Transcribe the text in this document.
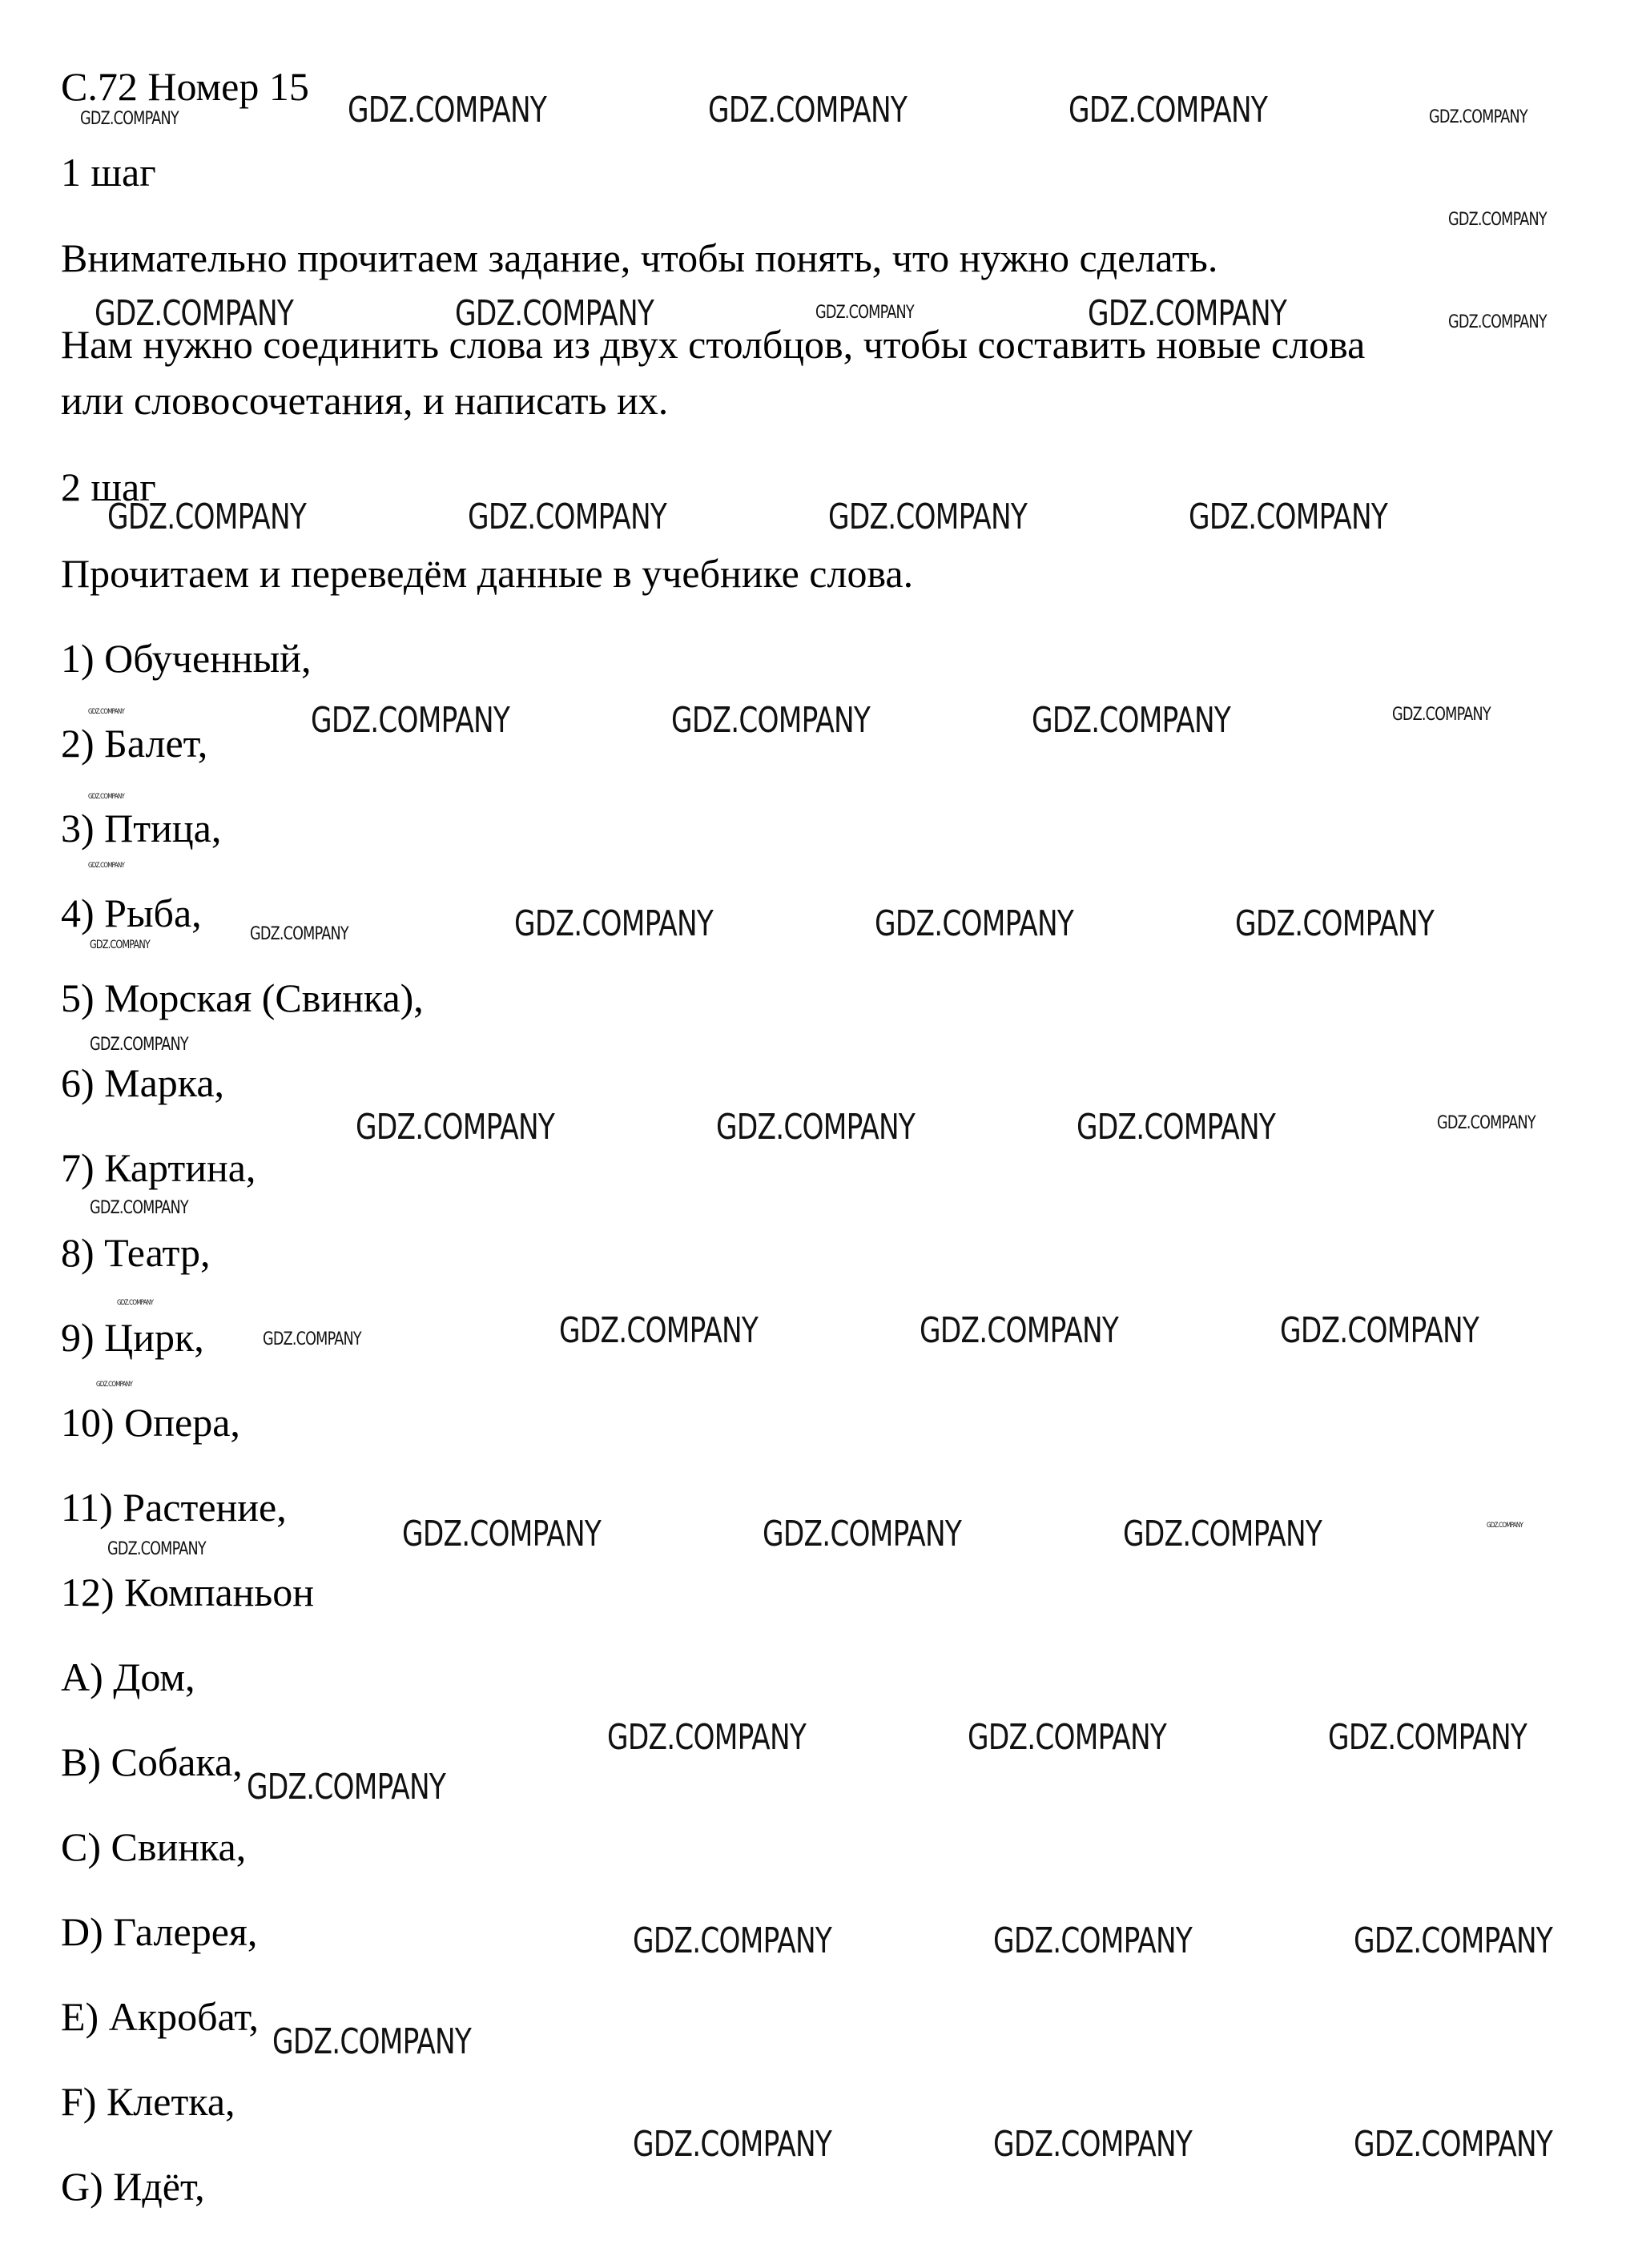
С.72 Номер 15

1 шаг

Внимательно прочитаем задание, чтобы понять, что нужно сделать.

Нам нужно соединить слова из двух столбцов, чтобы составить новые слова

или словосочетания, и написать их.

2 шаг

Прочитаем и переведём данные в учебнике слова.

1) Обученный,

2) Балет,

3) Птица,

4) Рыба,

5) Морская (Свинка),

6) Марка,

7) Картина,

8) Театр,

9) Цирк,

10) Опера,

11) Растение,

12) Компаньон

A) Дом,

B) Собака,

C) Свинка,

D) Галерея,

E) Акробат,

F) Клетка,

G) Идёт,

GDZ.COMPANY	GDZ.COMPANY	GDZ.COMPANY	GDZ.COMPANY	GDZ.COMPANY
GDZ.COMPANY
GDZ.COMPANY	GDZ.COMPANY	GDZ.COMPANY	GDZ.COMPANY	GDZ.COMPANY
GDZ.COMPANY	GDZ.COMPANY	GDZ.COMPANY	GDZ.COMPANY
GDZ.COMPANY	GDZ.COMPANY	GDZ.COMPANY	GDZ.COMPANY	GDZ.COMPANY
GDZ.COMPANY
GDZ.COMPANY
GDZ.COMPANY
GDZ.COMPANY	GDZ.COMPANY	GDZ.COMPANY	GDZ.COMPANY
GDZ.COMPANY
GDZ.COMPANY	GDZ.COMPANY	GDZ.COMPANY	GDZ.COMPANY
GDZ.COMPANY
GDZ.COMPANY
GDZ.COMPANY	GDZ.COMPANY	GDZ.COMPANY	GDZ.COMPANY
GDZ.COMPANY
GDZ.COMPANY	GDZ.COMPANY	GDZ.COMPANY	GDZ.COMPANY
GDZ.COMPANY
GDZ.COMPANY	GDZ.COMPANY	GDZ.COMPANY
GDZ.COMPANY
GDZ.COMPANY	GDZ.COMPANY	GDZ.COMPANY
GDZ.COMPANY
GDZ.COMPANY	GDZ.COMPANY	GDZ.COMPANY
